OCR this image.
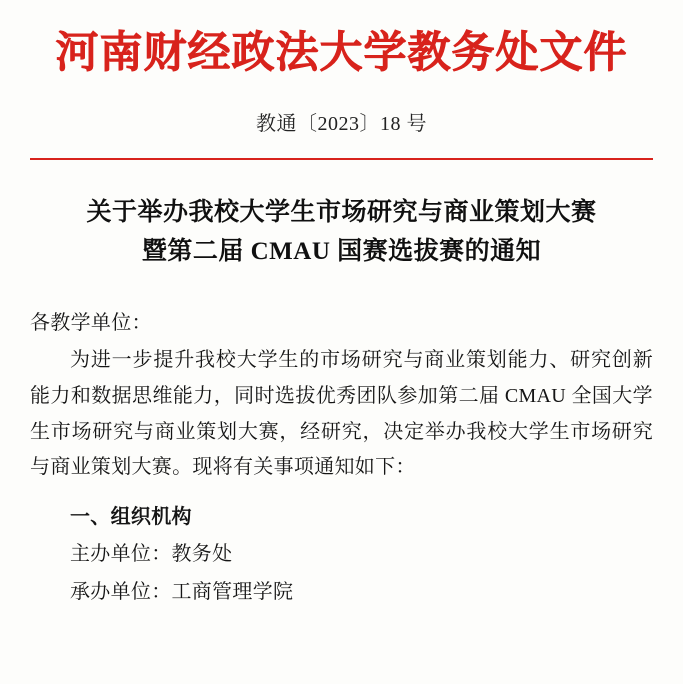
河南财经政法大学教务处文件
教通〔2023〕18 号
关于举办我校大学生市场研究与商业策划大赛
暨第二届 CMAU 国赛选拔赛的通知
各教学单位：
为进一步提升我校大学生的市场研究与商业策划能力、研究创新能力和数据思维能力，同时选拔优秀团队参加第二届 CMAU 全国大学生市场研究与商业策划大赛，经研究，决定举办我校大学生市场研究与商业策划大赛。现将有关事项通知如下：
一、组织机构
主办单位：教务处
承办单位：工商管理学院
